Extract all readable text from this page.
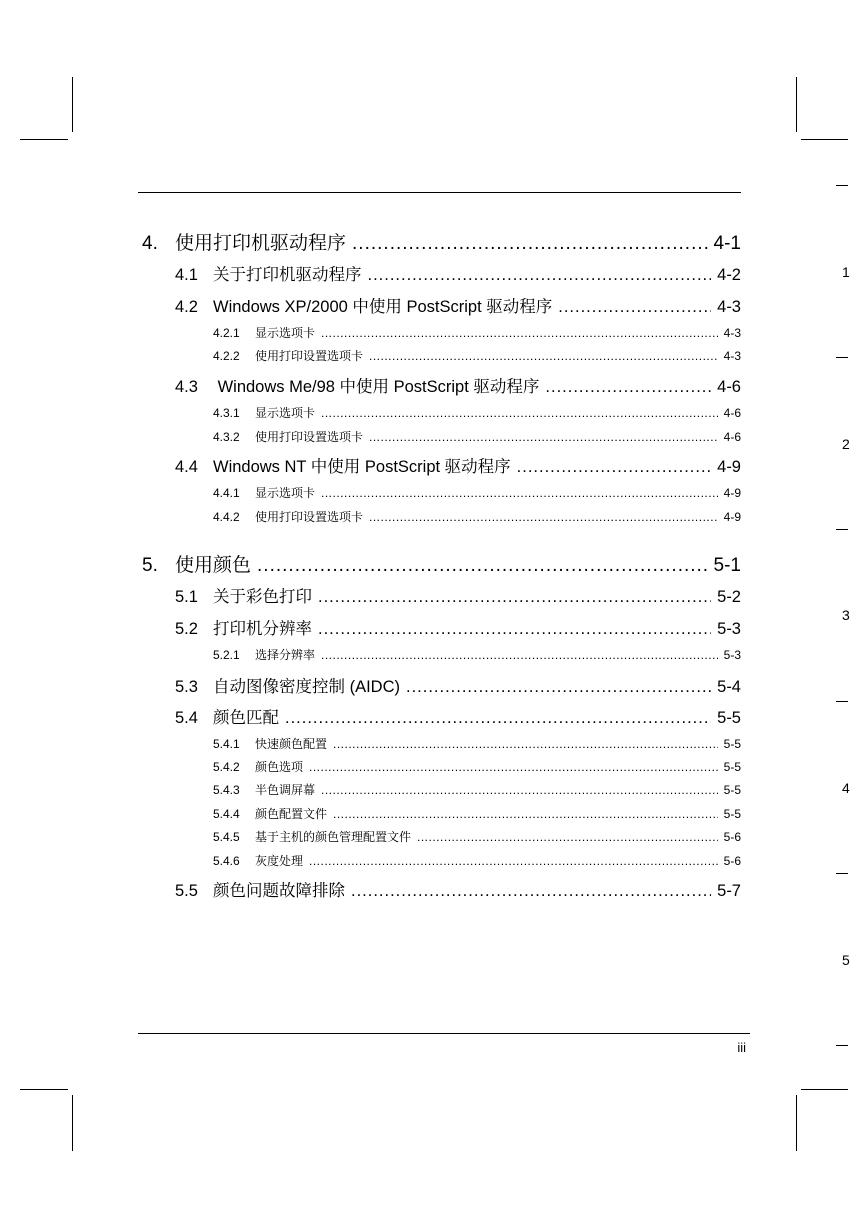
1
2
3
4
5
4. 使用打印机驱动程序 .....	4-1
4.1 关于打印机驱动程序 .....	4-2
4.2 Windows XP/2000 中使用 PostScript 驱动程序 .....	4-3
4.2.1	显示选项卡 .....	4-3
4.2.2	使用打印设置选项卡 .....	4-3
4.3 Windows Me/98 中使用 PostScript 驱动程序 .....	4-6
4.3.1	显示选项卡 .....	4-6
4.3.2	使用打印设置选项卡 .....	4-6
4.4 Windows NT 中使用 PostScript 驱动程序 .....	4-9
4.4.1	显示选项卡 .....	4-9
4.4.2	使用打印设置选项卡 .....	4-9
5. 使用颜色 .....	5-1
5.1 关于彩色打印 .....	5-2
5.2 打印机分辨率 .....	5-3
5.2.1	选择分辨率 .....	5-3
5.3 自动图像密度控制 (AIDC) .....	5-4
5.4 颜色匹配 .....	5-5
5.4.1	快速颜色配置 .....	5-5
5.4.2	颜色选项 .....	5-5
5.4.3	半色调屏幕 .....	5-5
5.4.4	颜色配置文件 .....	5-5
5.4.5	基于主机的颜色管理配置文件 .....	5-6
5.4.6	灰度处理 .....	5-6
5.5 颜色问题故障排除 .....	5-7
iii
